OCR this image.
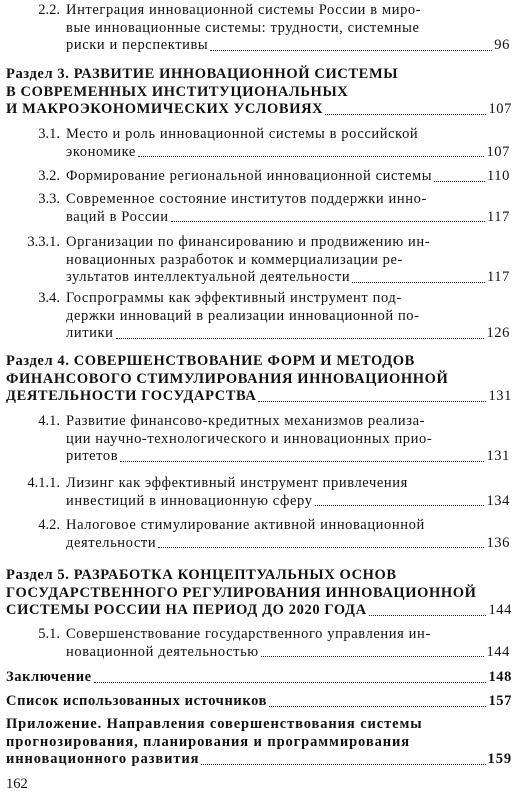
2.2. Интеграция инновационной системы России в миро-
вые инновационные системы: трудности, системные
риски и перспективы	96
Раздел 3. РАЗВИТИЕ ИННОВАЦИОННОЙ СИСТЕМЫ
В СОВРЕМЕННЫХ ИНСТИТУЦИОНАЛЬНЫХ
И МАКРОЭКОНОМИЧЕСКИХ УСЛОВИЯХ	107
3.1. Место и роль инновационной системы в российской
экономике	107
3.2. Формирование региональной инновационной системы	110
3.3. Современное состояние институтов поддержки инно-
ваций в России	117
3.3.1. Организации по финансированию и продвижению ин-
новационных разработок и коммерциализации ре-
зультатов интеллектуальной деятельности	117
3.4. Госпрограммы как эффективный инструмент под-
держки инноваций в реализации инновационной по-
литики	126
Раздел 4. СОВЕРШЕНСТВОВАНИЕ ФОРМ И МЕТОДОВ
ФИНАНСОВОГО СТИМУЛИРОВАНИЯ ИННОВАЦИОННОЙ
ДЕЯТЕЛЬНОСТИ ГОСУДАРСТВА	131
4.1. Развитие финансово-кредитных механизмов реализа-
ции научно-технологического и инновационных прио-
ритетов	131
4.1.1. Лизинг как эффективный инструмент привлечения
инвестиций в инновационную сферу	134
4.2. Налоговое стимулирование активной инновационной
деятельности	136
Раздел 5. РАЗРАБОТКА КОНЦЕПТУАЛЬНЫХ ОСНОВ
ГОСУДАРСТВЕННОГО РЕГУЛИРОВАНИЯ ИННОВАЦИОННОЙ
СИСТЕМЫ РОССИИ НА ПЕРИОД ДО 2020 ГОДА	144
5.1. Совершенствование государственного управления ин-
новационной деятельностью	144
Заключение	148
Список использованных источников	157
Приложение. Направления совершенствования системы
прогнозирования, планирования и программирования
инновационного развития	159
162
